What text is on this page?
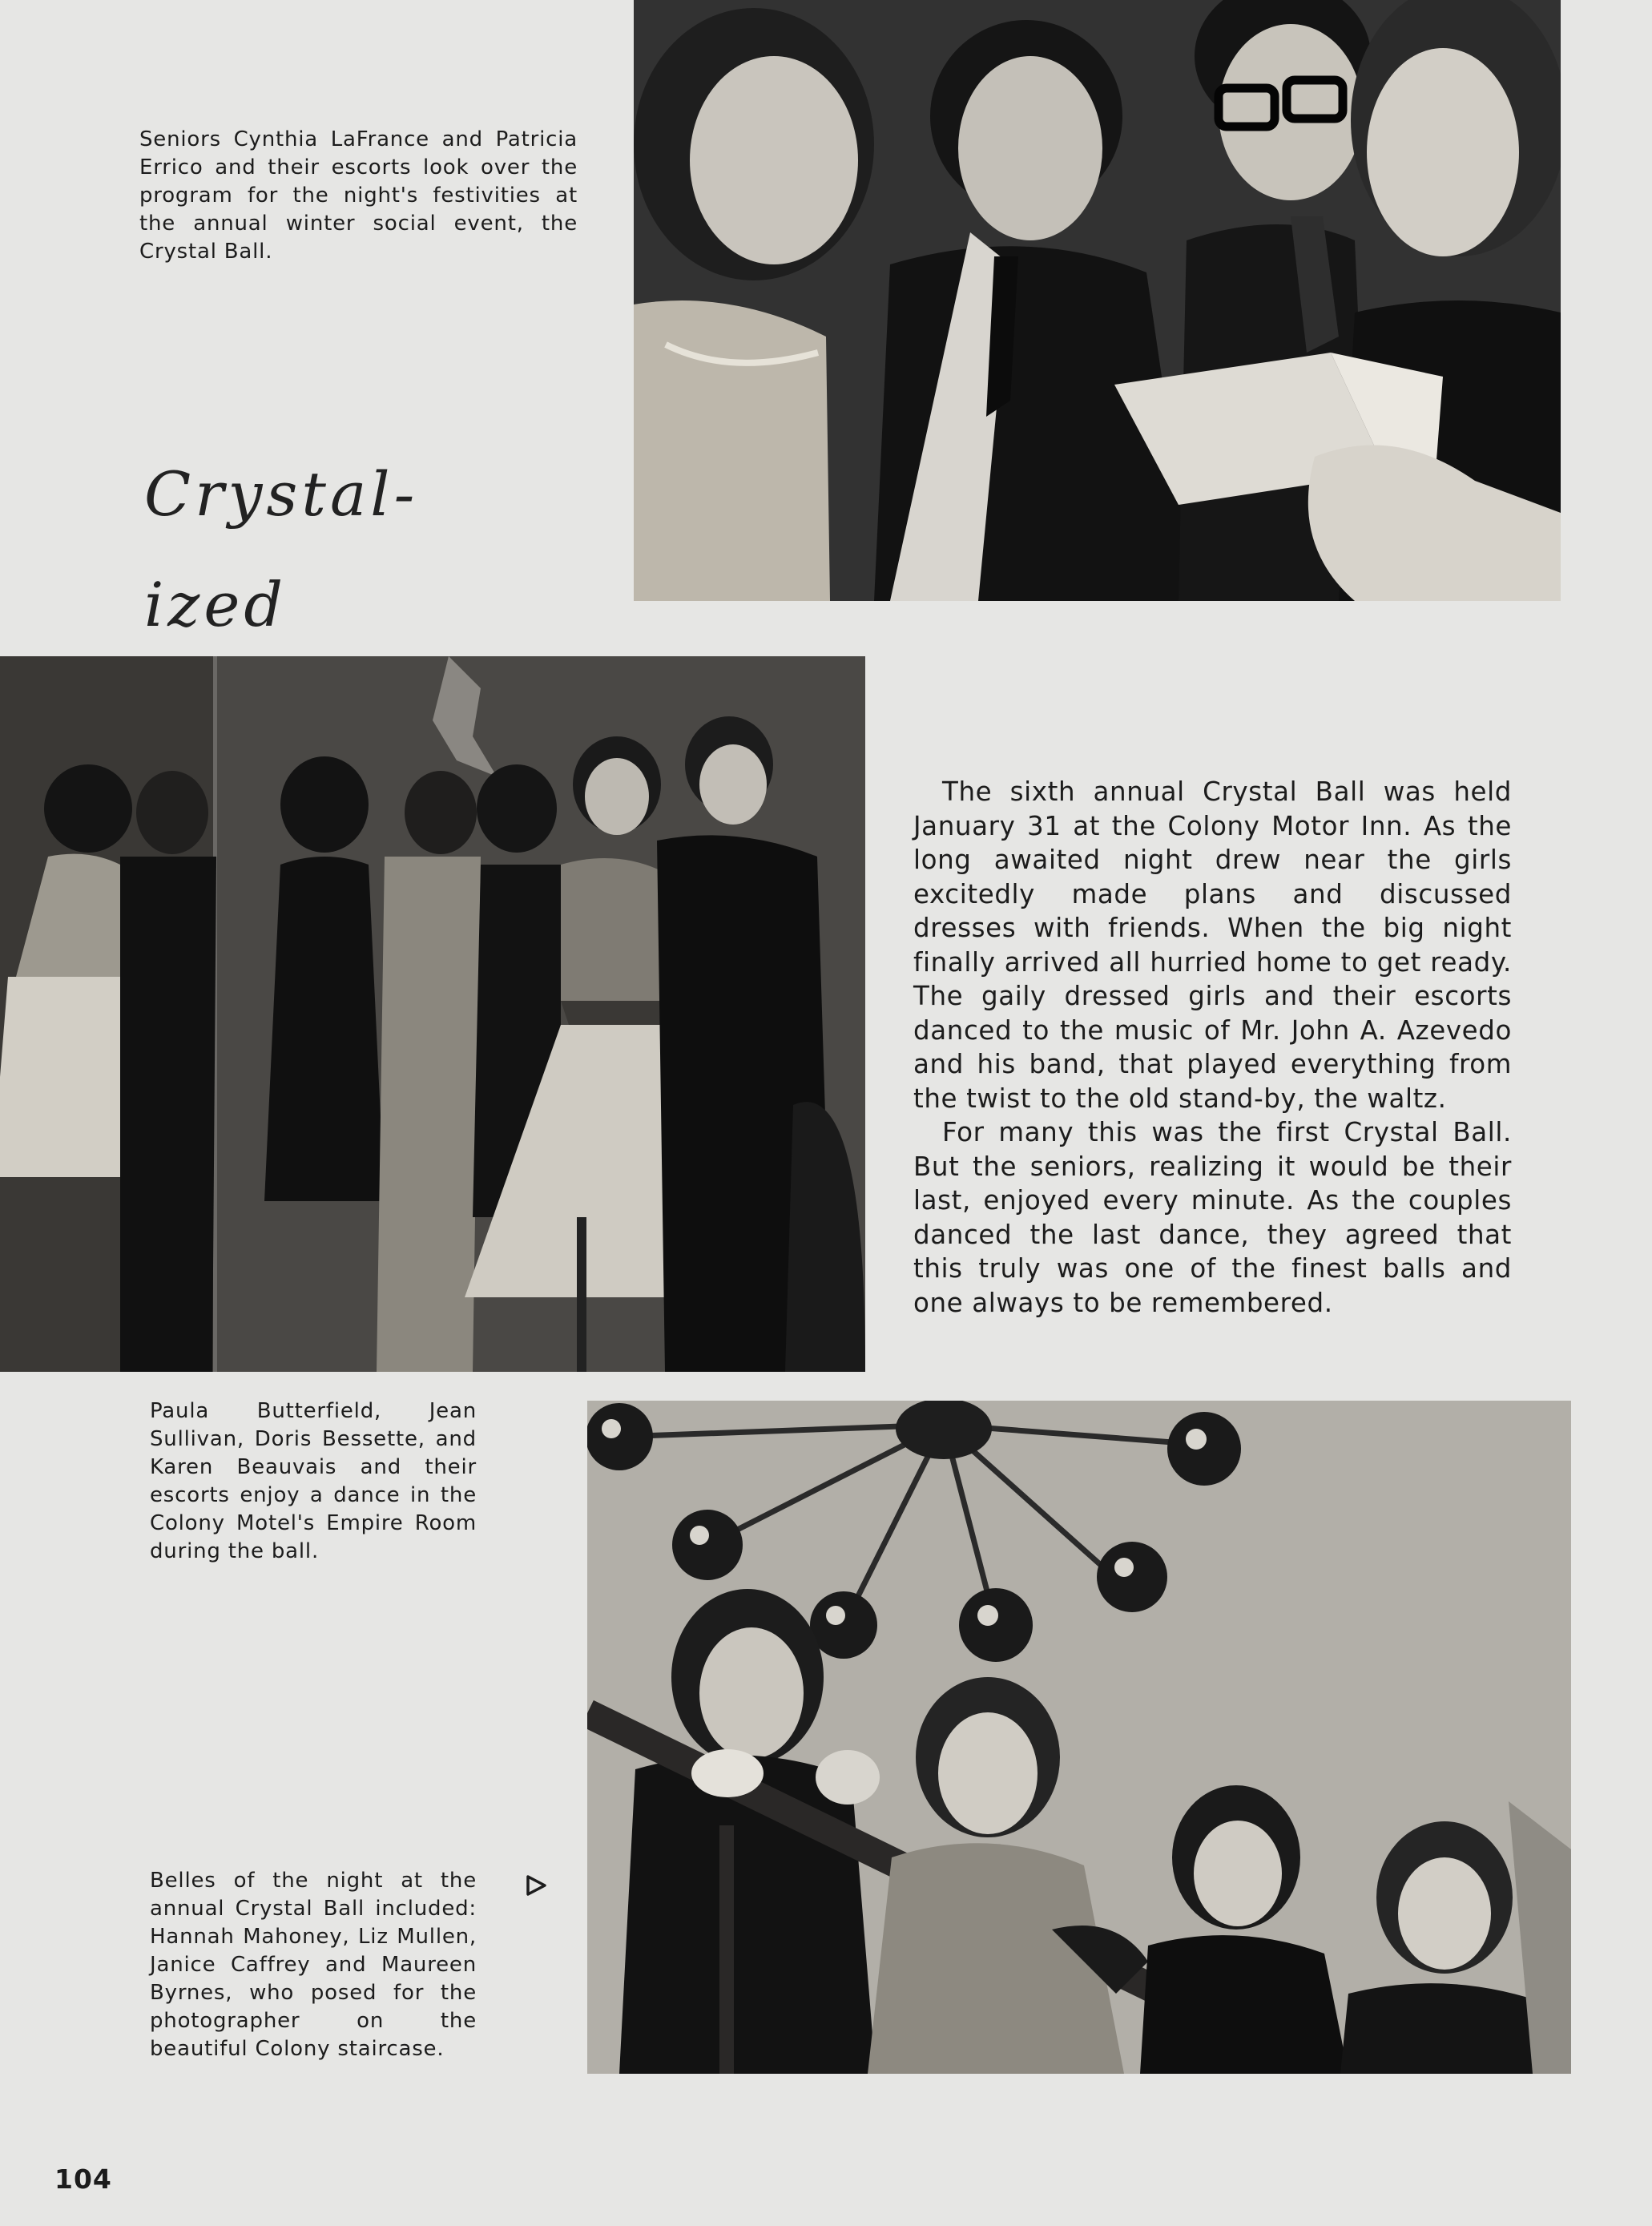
Seniors Cynthia LaFrance and Patricia Errico and their escorts look over the program for the night's festivities at the annual winter social event, the Crystal Ball.
Crystal-ized

The sixth annual Crystal Ball was held January 31 at the Colony Motor Inn. As the long awaited night drew near the girls excitedly made plans and discussed dresses with friends. When the big night finally arrived all hurried home to get ready. The gaily dressed girls and their escorts danced to the music of Mr. John A. Azevedo and his band, that played everything from the twist to the old stand-by, the waltz.

For many this was the first Crystal Ball. But the seniors, realizing it would be their last, enjoyed every minute. As the couples danced the last dance, they agreed that this truly was one of the finest balls and one always to be remembered.

Paula Butterfield, Jean Sullivan, Doris Bessette, and Karen Beauvais and their escorts enjoy a dance in the Colony Motel's Empire Room during the ball.
Belles of the night at the annual Crystal Ball included: Hannah Mahoney, Liz Mullen, Janice Caffrey and Maureen Byrnes, who posed for the photographer on the beautiful Colony staircase.
104
